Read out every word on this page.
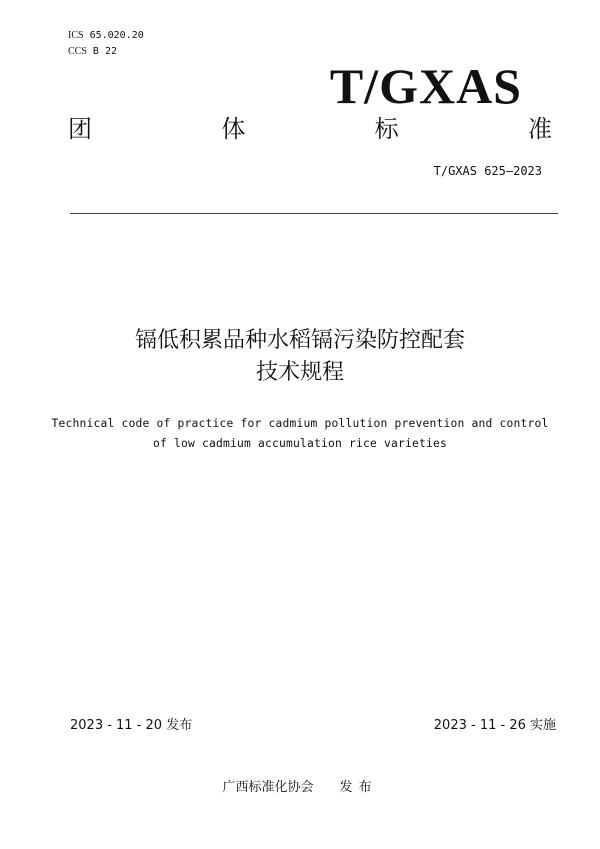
ICS 65.020.20
CCS B 22
T/GXAS
团	体	标	准
T/GXAS 625—2023
镉低积累品种水稻镉污染防控配套
技术规程
Technical code of practice for cadmium pollution prevention and control
of low cadmium accumulation rice varieties
2023 - 11 - 20 发布	2023 - 11 - 26 实施
广西标准化协会 发布
